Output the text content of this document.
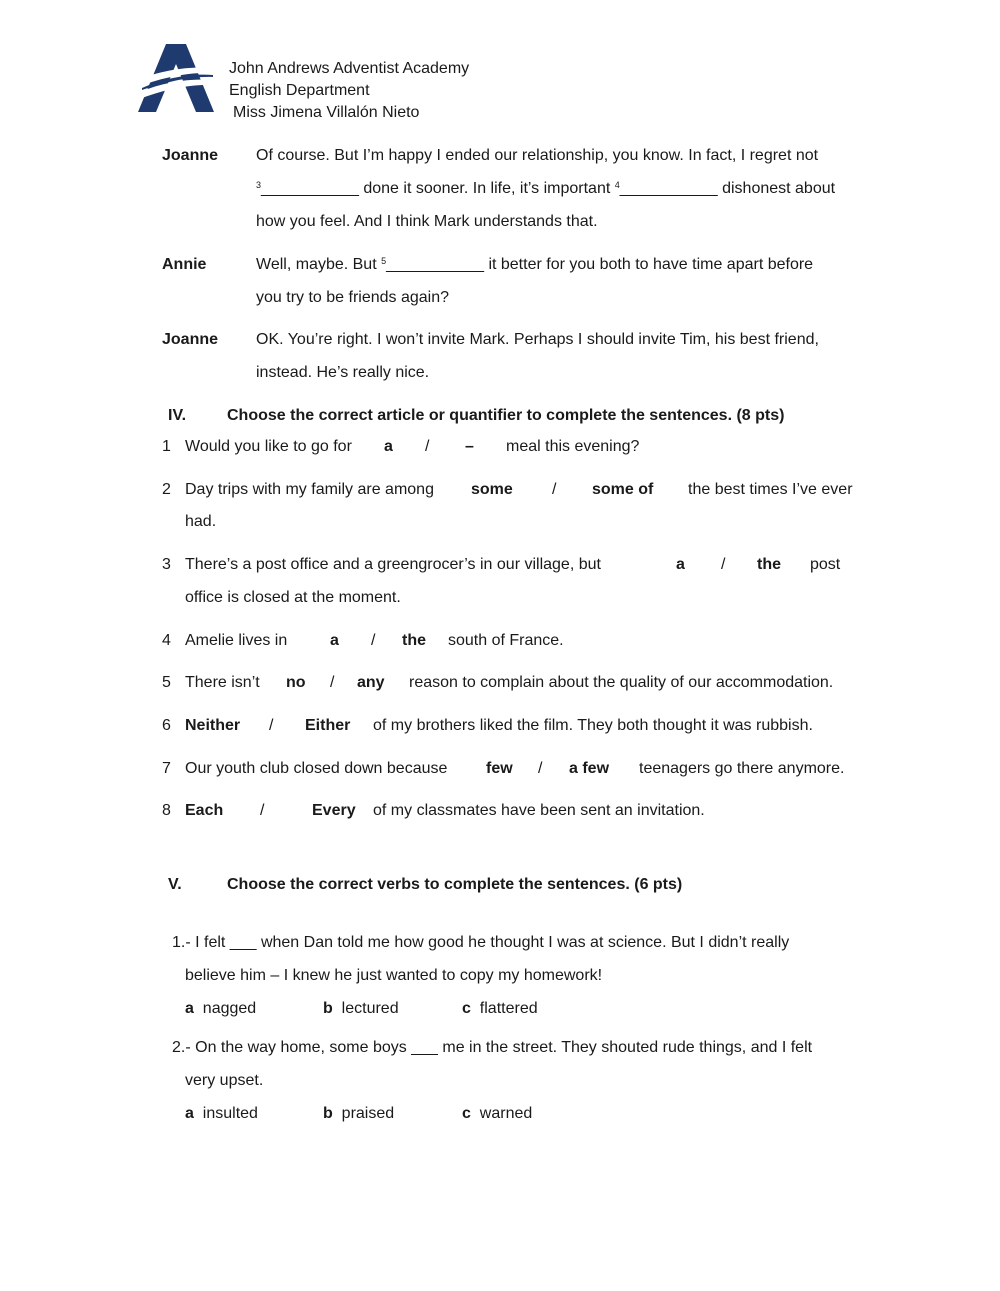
John Andrews Adventist Academy
English Department
Miss Jimena Villalón Nieto
Joanne Of course. But I’m happy I ended our relationship, you know. In fact, I regret not
$^3$___________ done it sooner. In life, it’s important $^4$___________ dishonest about
how you feel. And I think Mark understands that.
Annie	Well, maybe. But $^5$___________ it better for you both to have time apart before
you try to be friends again?
Joanne OK. You’re right. I won’t invite Mark. Perhaps I should invite Tim, his best friend,
instead. He’s really nice.
IV.	Choose the correct article or quantifier to complete the sentences. (8 pts)
1 Would you like to go for a / – meal this evening?
2 Day trips with my family are among some / some of the best times I’ve ever
had.
3 There’s a post office and a greengrocer’s in our village, but	a / the post
office is closed at the moment.
4 Amelie lives in	a / the south of France.
5 There isn’t no / any reason to complain about the quality of our accommodation.
6 Neither / Either of my brothers liked the film. They both thought it was rubbish.
7 Our youth club closed down because few / a few teenagers go there anymore.
8 Each /	Every of my classmates have been sent an invitation.
V.	Choose the correct verbs to complete the sentences. (6 pts)
1.- I felt ___ when Dan told me how good he thought I was at science. But I didn’t really
believe him – I knew he just wanted to copy my homework!
a nagged	b lectured	c flattered
2.- On the way home, some boys ___ me in the street. They shouted rude things, and I felt
very upset.
a insulted	b praised	c warned
